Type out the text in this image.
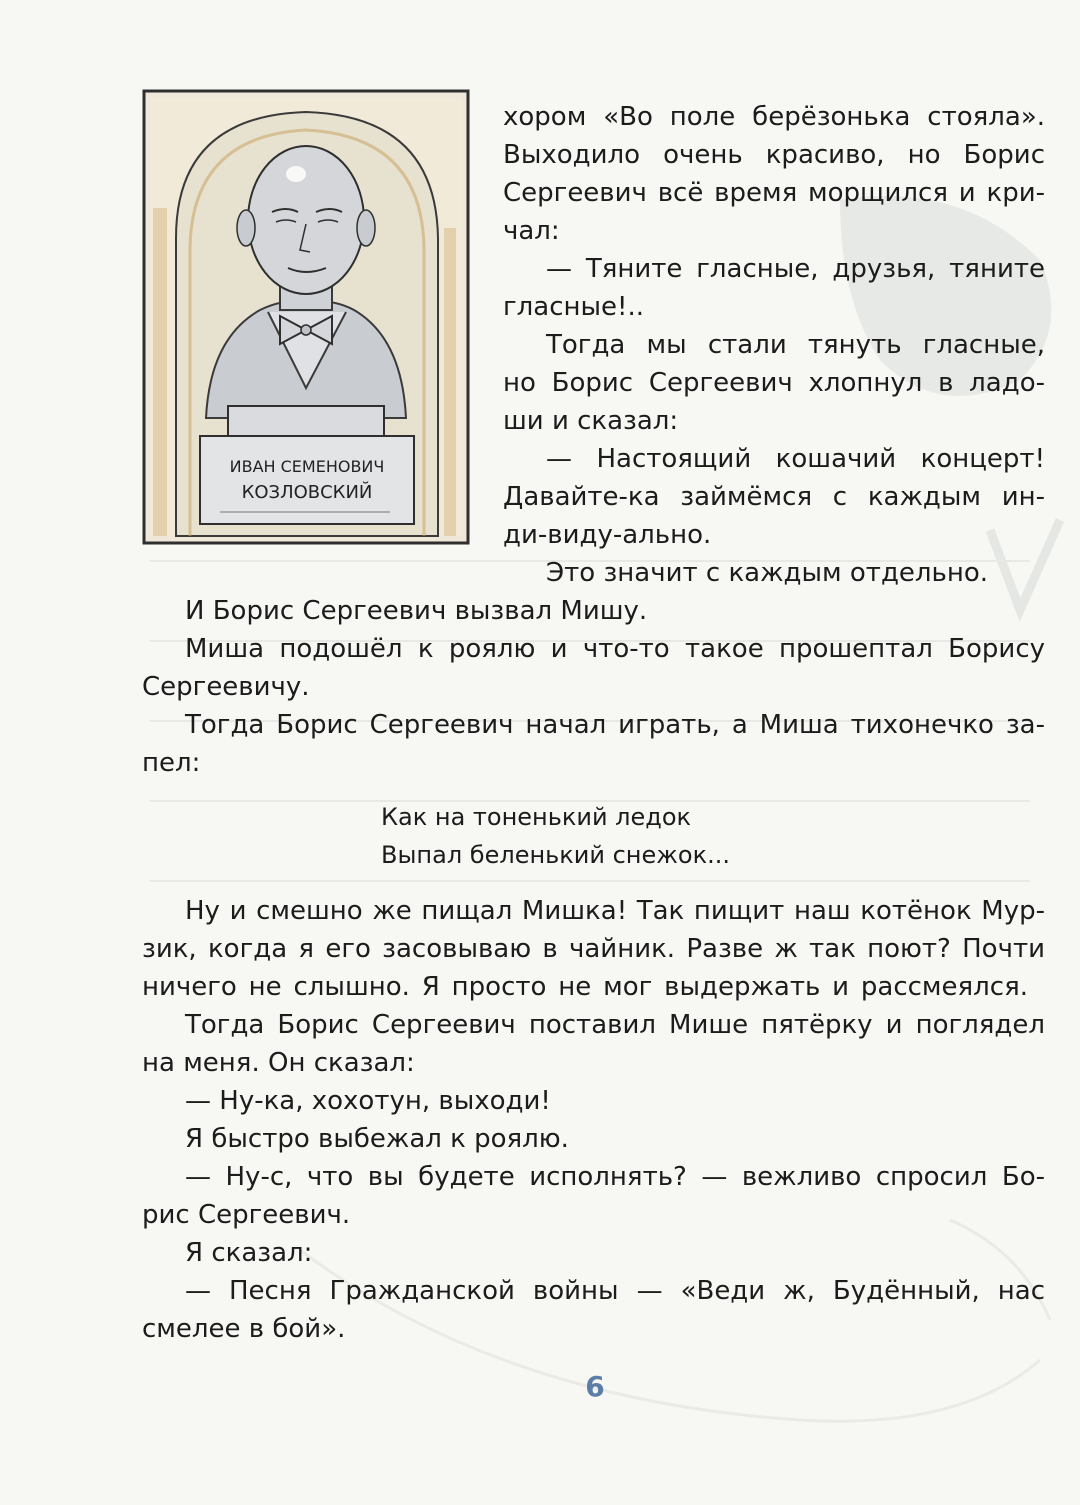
ИВАН СЕМЕНОВИЧ
КОЗЛОВСКИЙ
хором «Во поле берёзонька стояла».
Выходило очень красиво, но Борис
Сергеевич всё время морщился и кри-
чал:
— Тяните гласные, друзья, тяните
гласные!..
Тогда мы стали тянуть гласные,
но Борис Сергеевич хлопнул в ладо-
ши и сказал:
— Настоящий кошачий концерт!
Давайте-ка займёмся с каждым ин-
ди-виду-ально.
Это значит с каждым отдельно.
И Борис Сергеевич вызвал Мишу.
Миша подошёл к роялю и что-то такое прошептал Борису
Сергеевичу.
Тогда Борис Сергеевич начал играть, а Миша тихонечко за-
пел:
Как на тоненький ледок
Выпал беленький снежок...
Ну и смешно же пищал Мишка! Так пищит наш котёнок Мур-
зик, когда я его засовываю в чайник. Разве ж так поют? Почти
ничего не слышно. Я просто не мог выдержать и рассмеялся.
Тогда Борис Сергеевич поставил Мише пятёрку и поглядел
на меня. Он сказал:
— Ну-ка, хохотун, выходи!
Я быстро выбежал к роялю.
— Ну-с, что вы будете исполнять? — вежливо спросил Бо-
рис Сергеевич.
Я сказал:
— Песня Гражданской войны — «Веди ж, Будённый, нас
смелее в бой».
6
